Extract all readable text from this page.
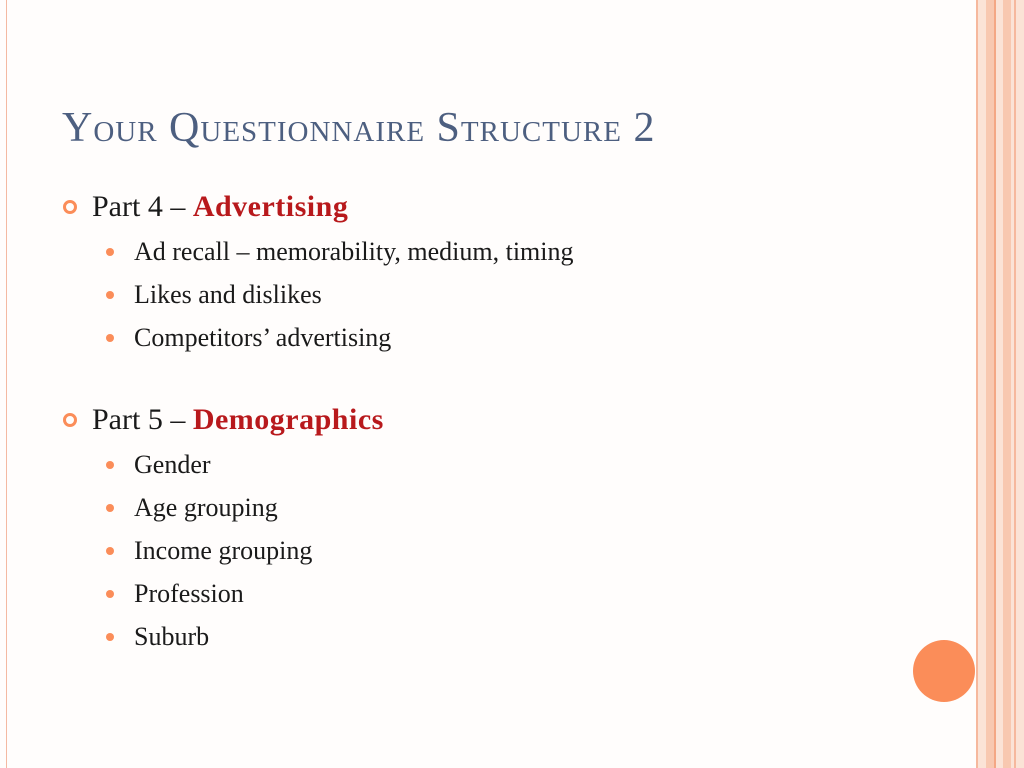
Your Questionnaire Structure 2
Part 4 – Advertising
Ad recall – memorability, medium, timing
Likes and dislikes
Competitors’ advertising
Part 5 – Demographics
Gender
Age grouping
Income grouping
Profession
Suburb
